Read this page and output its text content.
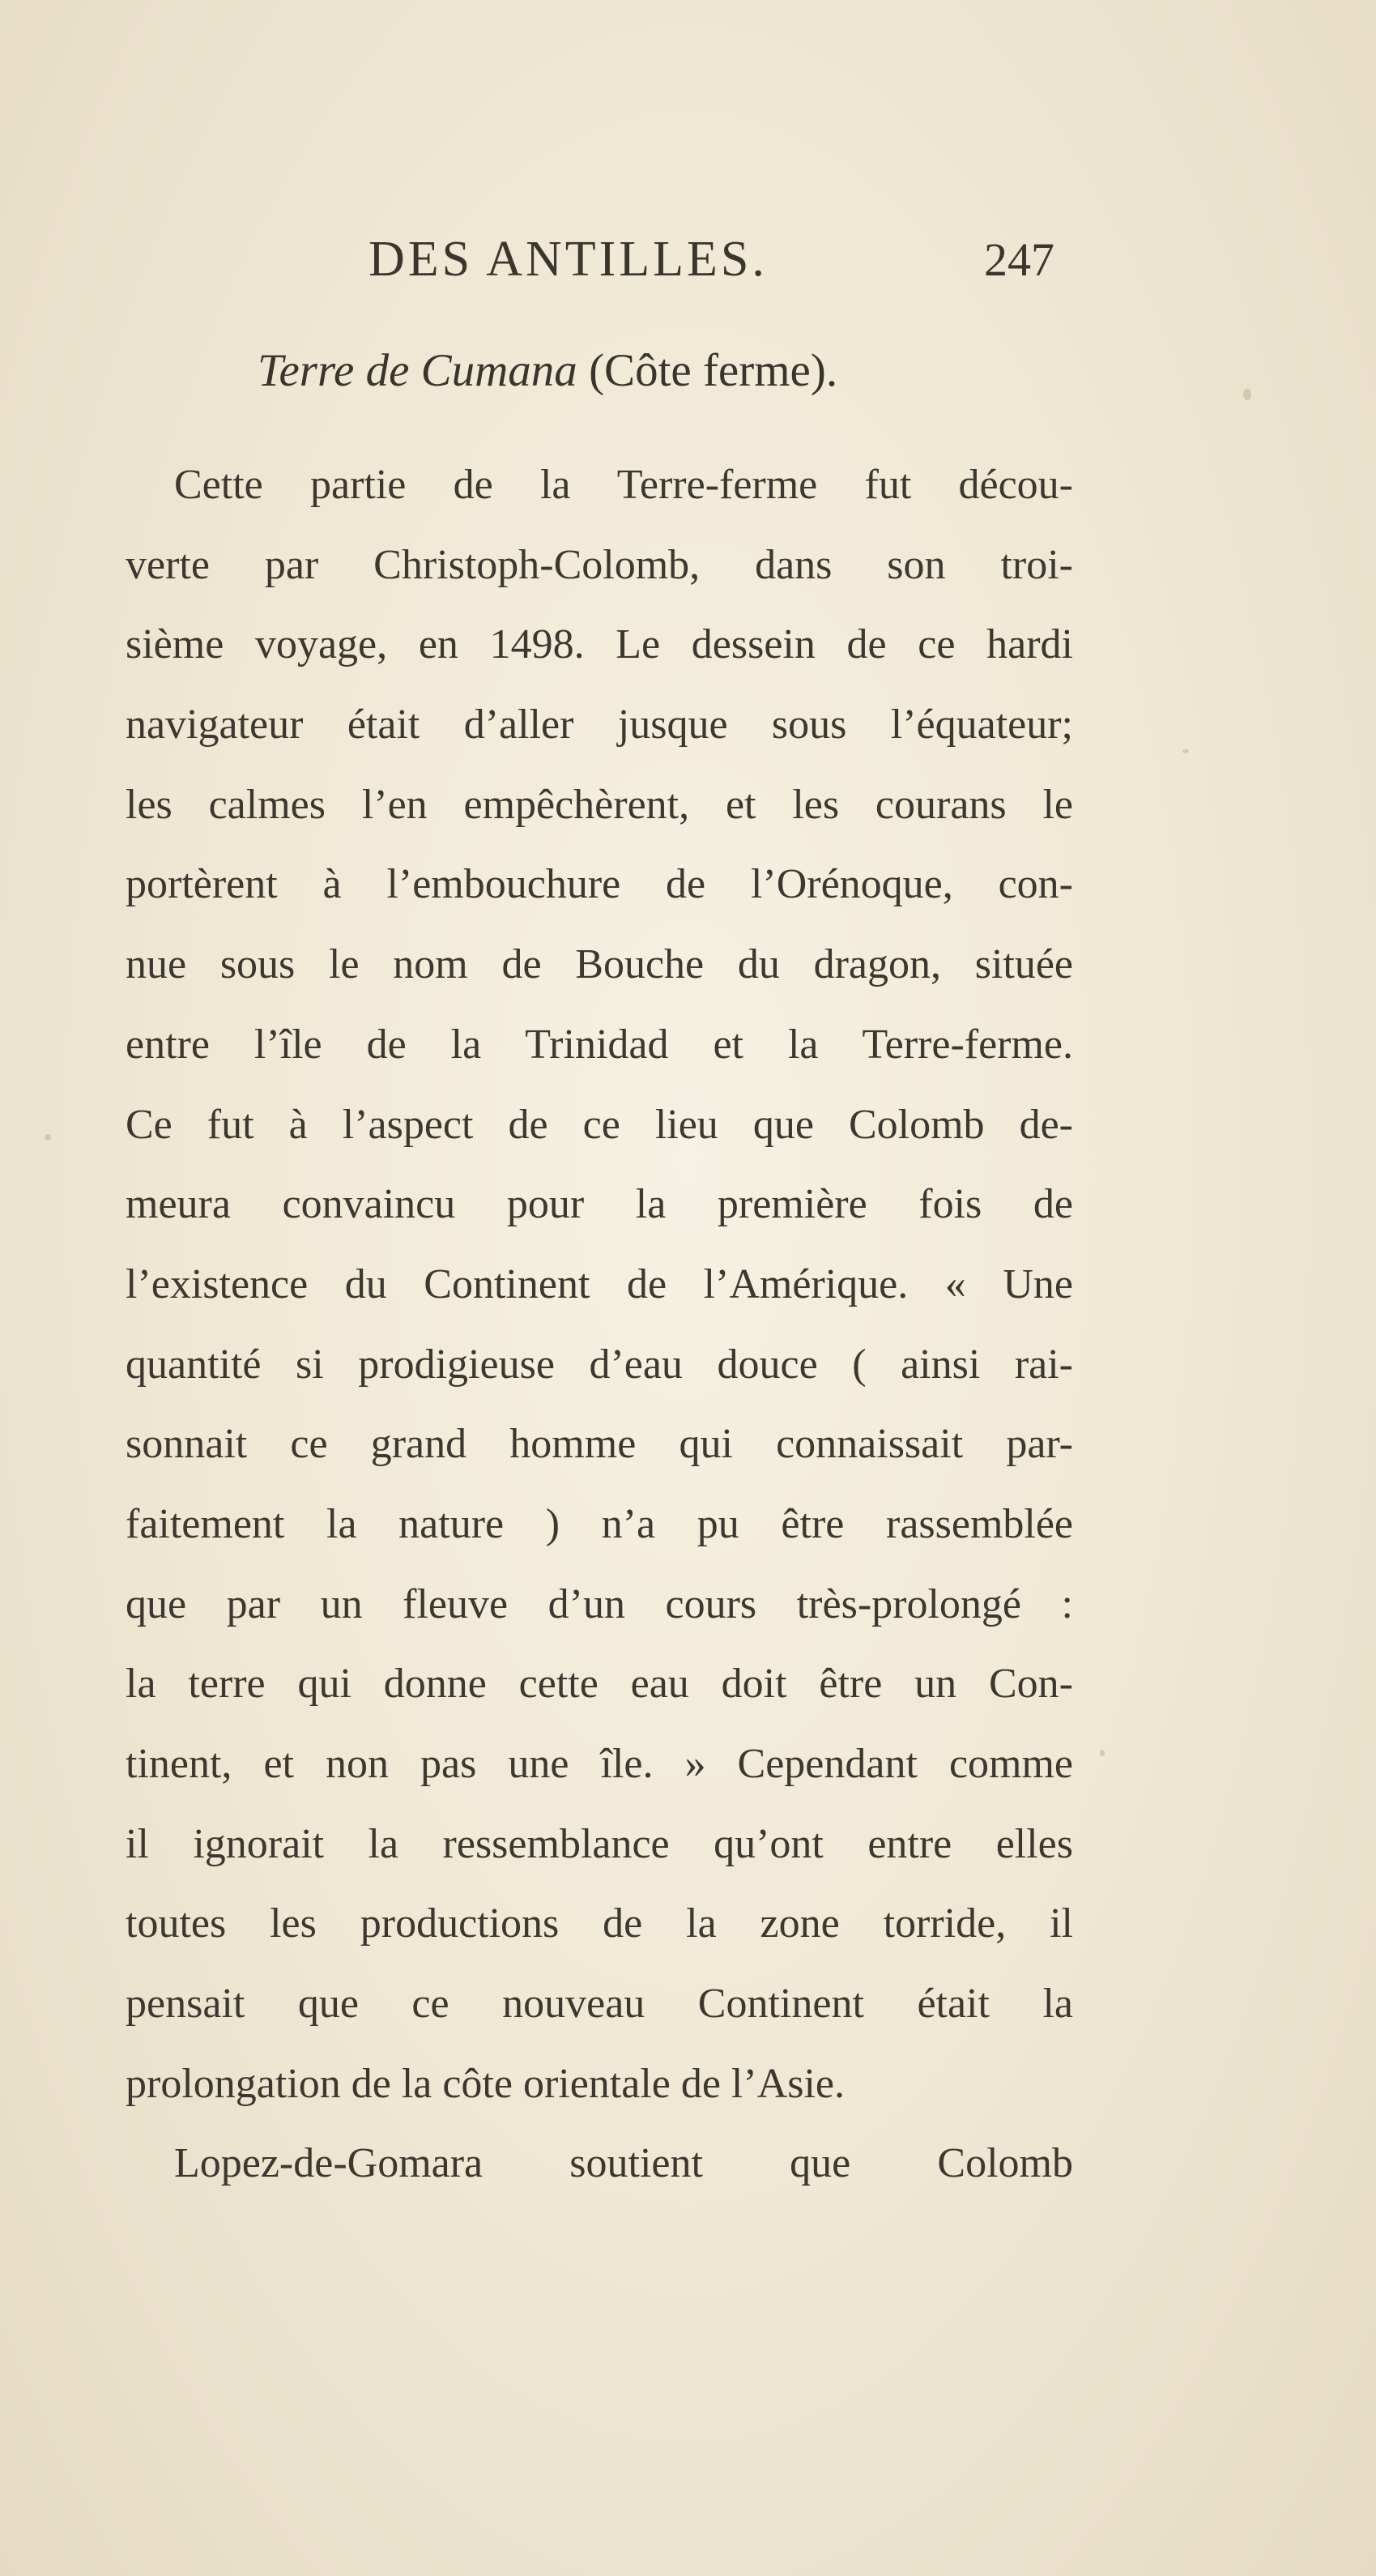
DES ANTILLES.	247
Terre de Cumana (Côte ferme).
Cette partie de la Terre-ferme fut décou-
verte par Christoph-Colomb, dans son troi-
sième voyage, en 1498. Le dessein de ce hardi
navigateur était d’aller jusque sous l’équateur;
les calmes l’en empêchèrent, et les courans le
portèrent à l’embouchure de l’Orénoque, con-
nue sous le nom de Bouche du dragon, située
entre l’île de la Trinidad et la Terre-ferme.
Ce fut à l’aspect de ce lieu que Colomb de-
meura convaincu pour la première fois de
l’existence du Continent de l’Amérique. « Une
quantité si prodigieuse d’eau douce ( ainsi rai-
sonnait ce grand homme qui connaissait par-
faitement la nature ) n’a pu être rassemblée
que par un fleuve d’un cours très-prolongé :
la terre qui donne cette eau doit être un Con-
tinent, et non pas une île. » Cependant comme
il ignorait la ressemblance qu’ont entre elles
toutes les productions de la zone torride, il
pensait que ce nouveau Continent était la
prolongation de la côte orientale de l’Asie.
Lopez-de-Gomara soutient que Colomb
